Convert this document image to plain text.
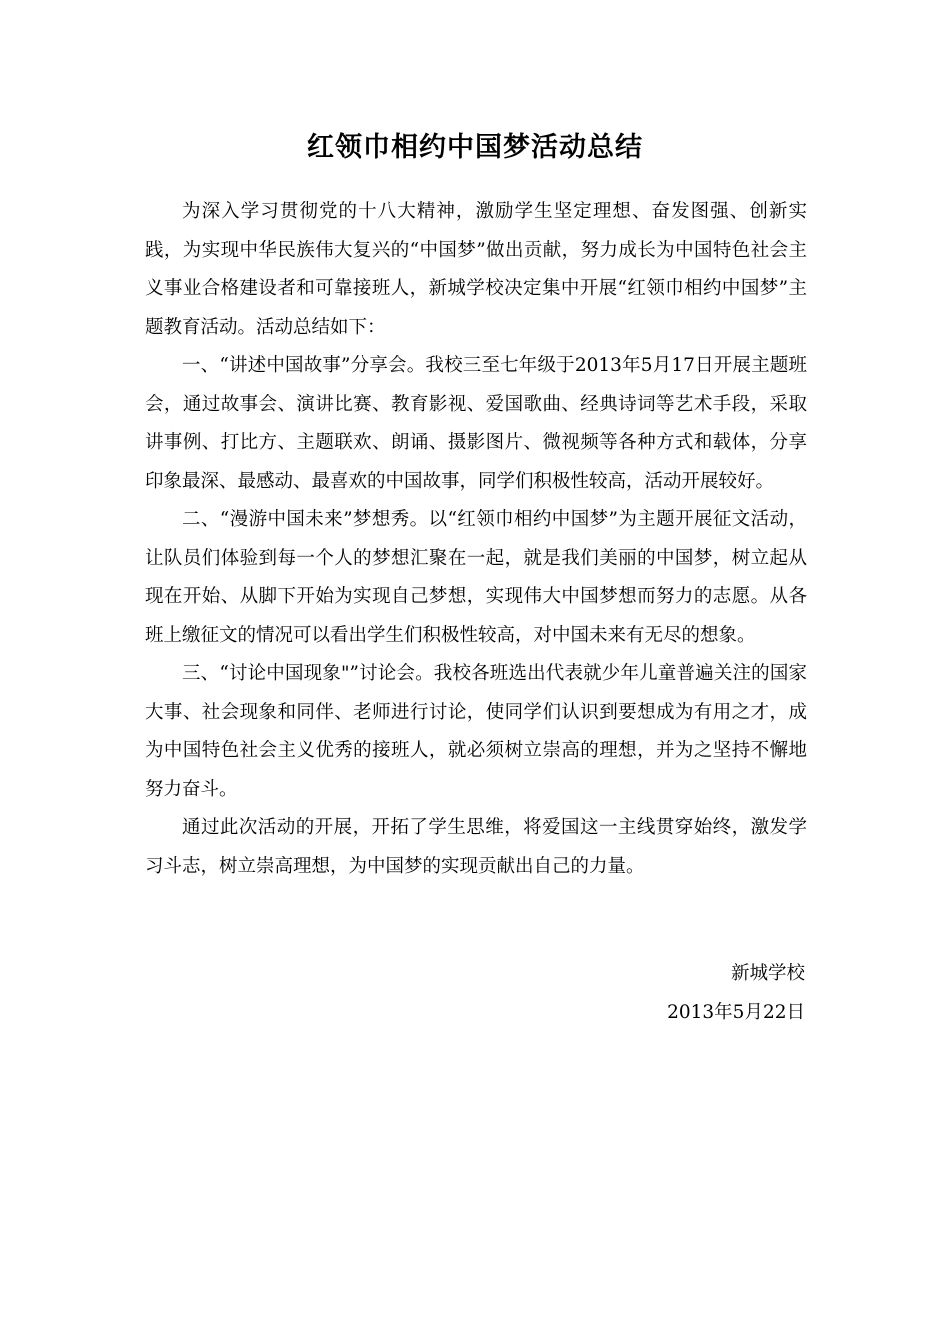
红领巾相约中国梦活动总结

为深入学习贯彻党的十八大精神，激励学生坚定理想、奋发图强、创新实践，为实现中华民族伟大复兴的“中国梦”做出贡献，努力成长为中国特色社会主义事业合格建设者和可靠接班人，新城学校决定集中开展“红领巾相约中国梦”主题教育活动。活动总结如下：

一、“讲述中国故事”分享会。我校三至七年级于2013年5月17日开展主题班会，通过故事会、演讲比赛、教育影视、爱国歌曲、经典诗词等艺术手段，采取讲事例、打比方、主题联欢、朗诵、摄影图片、微视频等各种方式和载体，分享印象最深、最感动、最喜欢的中国故事，同学们积极性较高，活动开展较好。

二、“漫游中国未来”梦想秀。以“红领巾相约中国梦”为主题开展征文活动，让队员们体验到每一个人的梦想汇聚在一起，就是我们美丽的中国梦，树立起从现在开始、从脚下开始为实现自己梦想，实现伟大中国梦想而努力的志愿。从各班上缴征文的情况可以看出学生们积极性较高，对中国未来有无尽的想象。

三、“讨论中国现象"”讨论会。我校各班选出代表就少年儿童普遍关注的国家大事、社会现象和同伴、老师进行讨论，使同学们认识到要想成为有用之才，成为中国特色社会主义优秀的接班人，就必须树立崇高的理想，并为之坚持不懈地努力奋斗。

通过此次活动的开展，开拓了学生思维，将爱国这一主线贯穿始终，激发学习斗志，树立崇高理想，为中国梦的实现贡献出自己的力量。

新城学校
2013年5月22日
